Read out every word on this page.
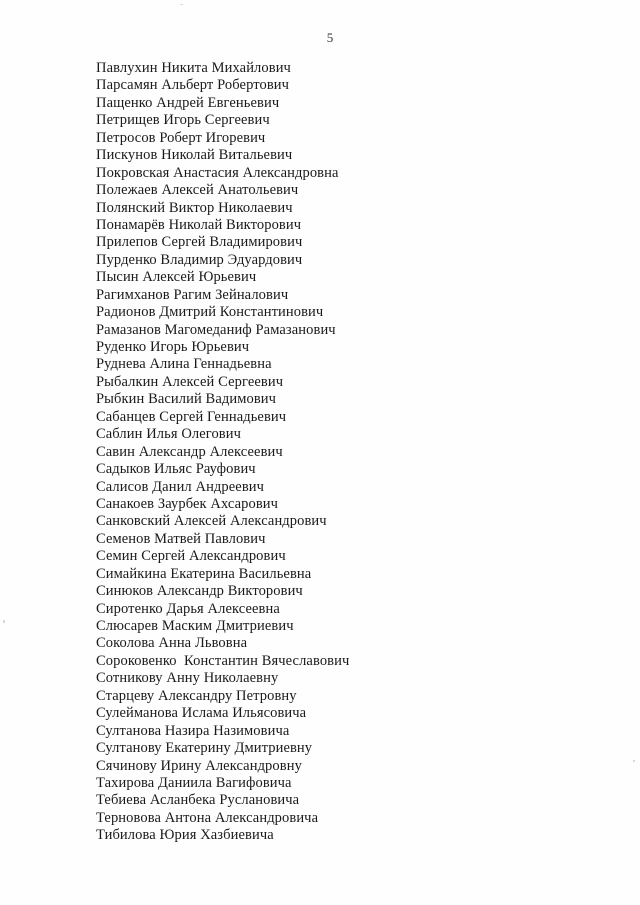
5
Павлухин Никита Михайлович
Парсамян Альберт Робертович
Пащенко Андрей Евгеньевич
Петрищев Игорь Сергеевич
Петросов Роберт Игоревич
Пискунов Николай Витальевич
Покровская Анастасия Александровна
Полежаев Алексей Анатольевич
Полянский Виктор Николаевич
Понамарёв Николай Викторович
Прилепов Сергей Владимирович
Пурденко Владимир Эдуардович
Пысин Алексей Юрьевич
Рагимханов Рагим Зейналович
Радионов Дмитрий Константинович
Рамазанов Магомеданиф Рамазанович
Руденко Игорь Юрьевич
Руднева Алина Геннадьевна
Рыбалкин Алексей Сергеевич
Рыбкин Василий Вадимович
Сабанцев Сергей Геннадьевич
Саблин Илья Олегович
Савин Александр Алексеевич
Садыков Ильяс Рауфович
Салисов Данил Андреевич
Санакоев Заурбек Ахсарович
Санковский Алексей Александрович
Семенов Матвей Павлович
Семин Сергей Александрович
Симайкина Екатерина Васильевна
Синюков Александр Викторович
Сиротенко Дарья Алексеевна
Слюсарев Маским Дмитриевич
Соколова Анна Львовна
Сороковенко  Константин Вячеславович
Сотникову Анну Николаевну
Старцеву Александру Петровну
Сулейманова Ислама Ильясовича
Султанова Назира Назимовича
Султанову Екатерину Дмитриевну
Сячинову Ирину Александровну
Тахирова Даниила Вагифовича
Тебиева Асланбека Руслановича
Терновова Антона Александровича
Тибилова Юрия Хазбиевича
